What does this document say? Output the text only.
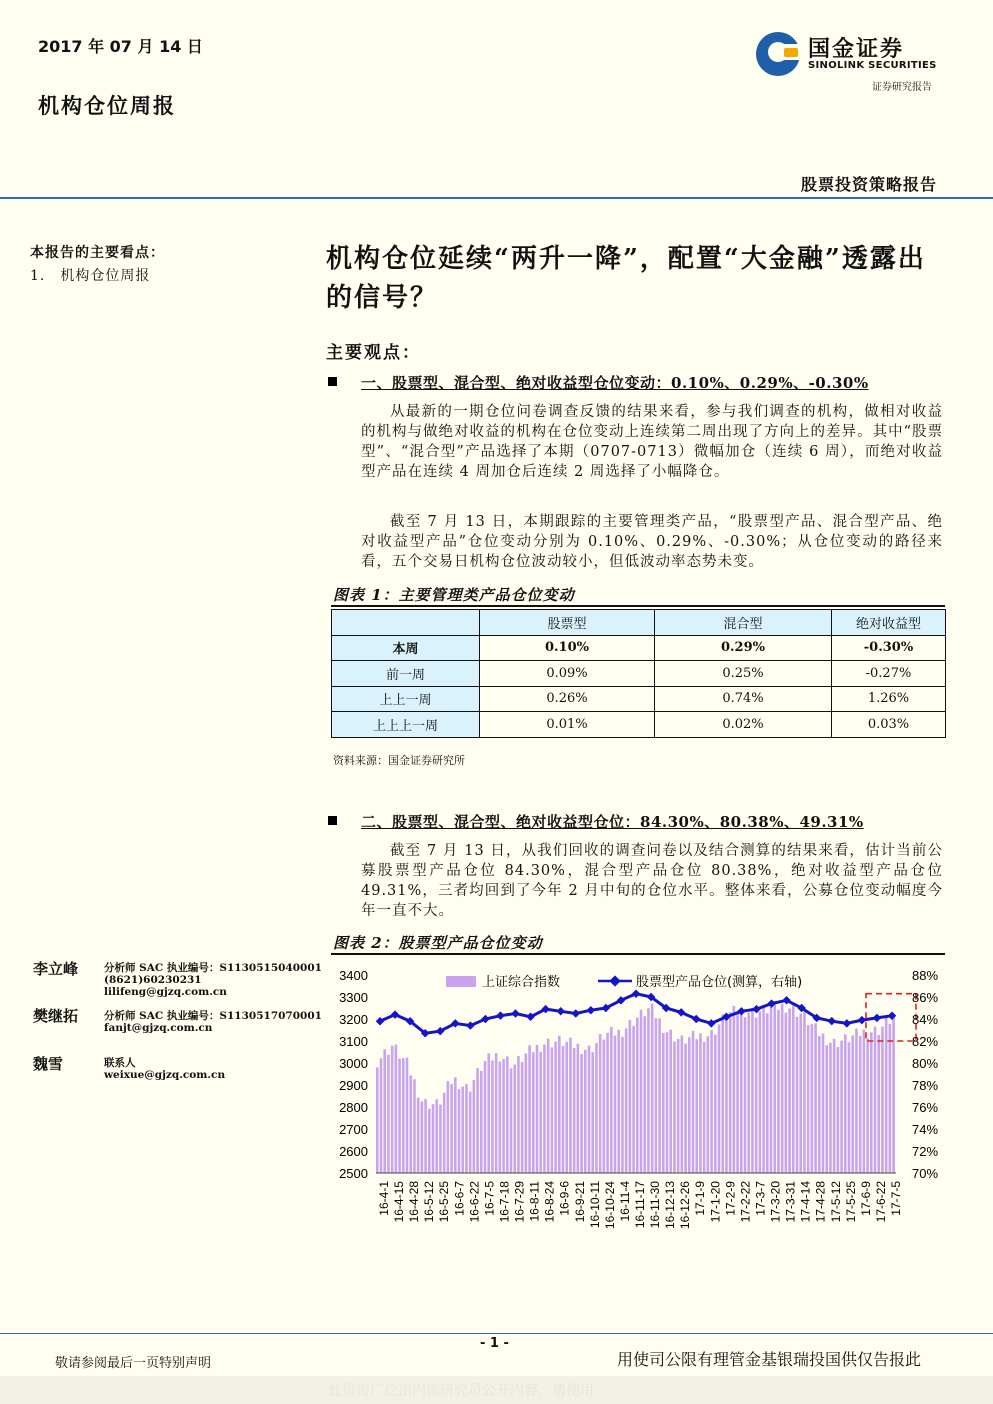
2017 年 07 月 14 日
机构仓位周报
国金证券
SINOLINK SECURITIES
证券研究报告
股票投资策略报告
本报告的主要看点：
1.　机构仓位周报
李立峰 分析师 SAC 执业编号：S1130515040001
(8621)60230231
lilifeng@gjzq.com.cn
樊继拓 分析师 SAC 执业编号：S1130517070001
fanjt@gjzq.com.cn
魏雪	联系人
weixue@gjzq.com.cn
机构仓位延续“两升一降”，配置“大金融”透露出的信号？
主要观点：
一、股票型、混合型、绝对收益型仓位变动：0.10%、0.29%、-0.30%
从最新的一期仓位问卷调查反馈的结果来看，参与我们调查的机构，做相对收益的机构与做绝对收益的机构在仓位变动上连续第二周出现了方向上的差异。其中“股票型”、“混合型”产品选择了本期（0707-0713）微幅加仓（连续 6 周），而绝对收益型产品在连续 4 周加仓后连续 2 周选择了小幅降仓。
截至 7 月 13 日，本期跟踪的主要管理类产品，“股票型产品、混合型产品、绝对收益型产品”仓位变动分别为 0.10%、0.29%、-0.30%；从仓位变动的路径来看，五个交易日机构仓位波动较小，但低波动率态势未变。
图表 1：主要管理类产品仓位变动
	股票型	混合型	绝对收益型
本周	0.10%	0.29%	-0.30%
前一周	0.09%	0.25%	-0.27%
上上一周	0.26%	0.74%	1.26%
上上上一周	0.01%	0.02%	0.03%
资料来源：国金证券研究所
二、股票型、混合型、绝对收益型仓位：84.30%、80.38%、49.31%
截至 7 月 13 日，从我们回收的调查问卷以及结合测算的结果来看，估计当前公募股票型产品仓位 84.30%，混合型产品仓位 80.38%，绝对收益型产品仓位 49.31%，三者均回到了今年 2 月中旬的仓位水平。整体来看，公募仓位变动幅度今年一直不大。
图表 2：股票型产品仓位变动
3400
3300
3200
3100
3000
2900
2800
2700
2600
2500
88%
86%
84%
82%
80%
78%
76%
74%
72%
70%
16-4-1 16-4-15 16-4-28 16-5-12 16-5-25 16-6-7 16-6-22 16-7-5 16-7-18 16-7-29 16-8-11 16-8-24 16-9-6 16-9-21 16-10-11 16-10-24 16-11-4 16-11-17 16-11-30 16-12-13 16-12-26 17-1-9 17-1-20 17-2-9 17-2-22 17-3-7 17-3-20 17-3-31 17-4-14 17-4-28 17-5-12 17-5-25 17-6-9 17-6-22 17-7-5
上证综合指数	股票型产品仓位(测算，右轴)
- 1 -
敬请参阅最后一页特别声明	用使司公限有理管金基银瑞投国供仅告报此
此报告广泛由内部研究员公开内容，请使用
